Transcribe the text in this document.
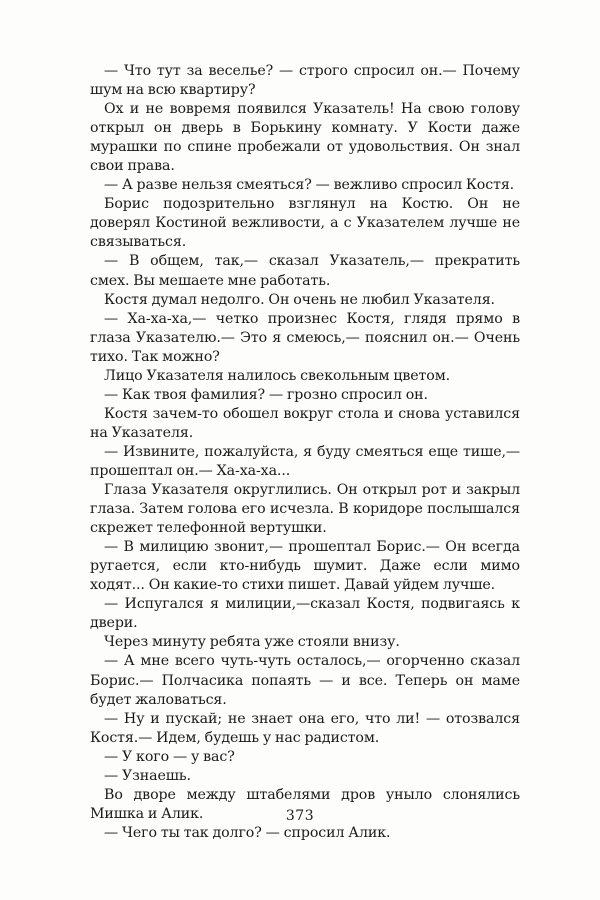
— Что тут за веселье? — строго спросил он.— Почему шум на всю квартиру?

Ох и не вовремя появился Указатель! На свою голову открыл он дверь в Борькину комнату. У Кости даже мурашки по спине пробежали от удовольствия. Он знал свои права.

— А разве нельзя смеяться? — вежливо спросил Костя.

Борис подозрительно взглянул на Костю. Он не доверял Костиной вежливости, а с Указателем лучше не связываться.

— В общем, так,— сказал Указатель,— прекратить смех. Вы мешаете мне работать.

Костя думал недолго. Он очень не любил Указателя.

— Ха-ха-ха,— четко произнес Костя, глядя прямо в глаза Указателю.— Это я смеюсь,— пояснил он.— Очень тихо. Так можно?

Лицо Указателя налилось свекольным цветом.

— Как твоя фамилия? — грозно спросил он.

Костя зачем-то обошел вокруг стола и снова уставился на Указателя.

— Извините, пожалуйста, я буду смеяться еще тише,— прошептал он.— Ха-ха-ха...

Глаза Указателя округлились. Он открыл рот и закрыл глаза. Затем голова его исчезла. В коридоре послышался скрежет телефонной вертушки.

— В милицию звонит,— прошептал Борис.— Он всегда ругается, если кто-нибудь шумит. Даже если мимо ходят... Он какие-то стихи пишет. Давай уйдем лучше.

— Испугался я милиции,—сказал Костя, подвигаясь к двери.

Через минуту ребята уже стояли внизу.

— А мне всего чуть-чуть осталось,— огорченно сказал Борис.— Полчасика попаять — и все. Теперь он маме будет жаловаться.

— Ну и пускай; не знает она его, что ли! — отозвался Костя.— Идем, будешь у нас радистом.

— У кого — у вас?

— Узнаешь.

Во дворе между штабелями дров уныло слонялись Мишка и Алик.

— Чего ты так долго? — спросил Алик.

373
